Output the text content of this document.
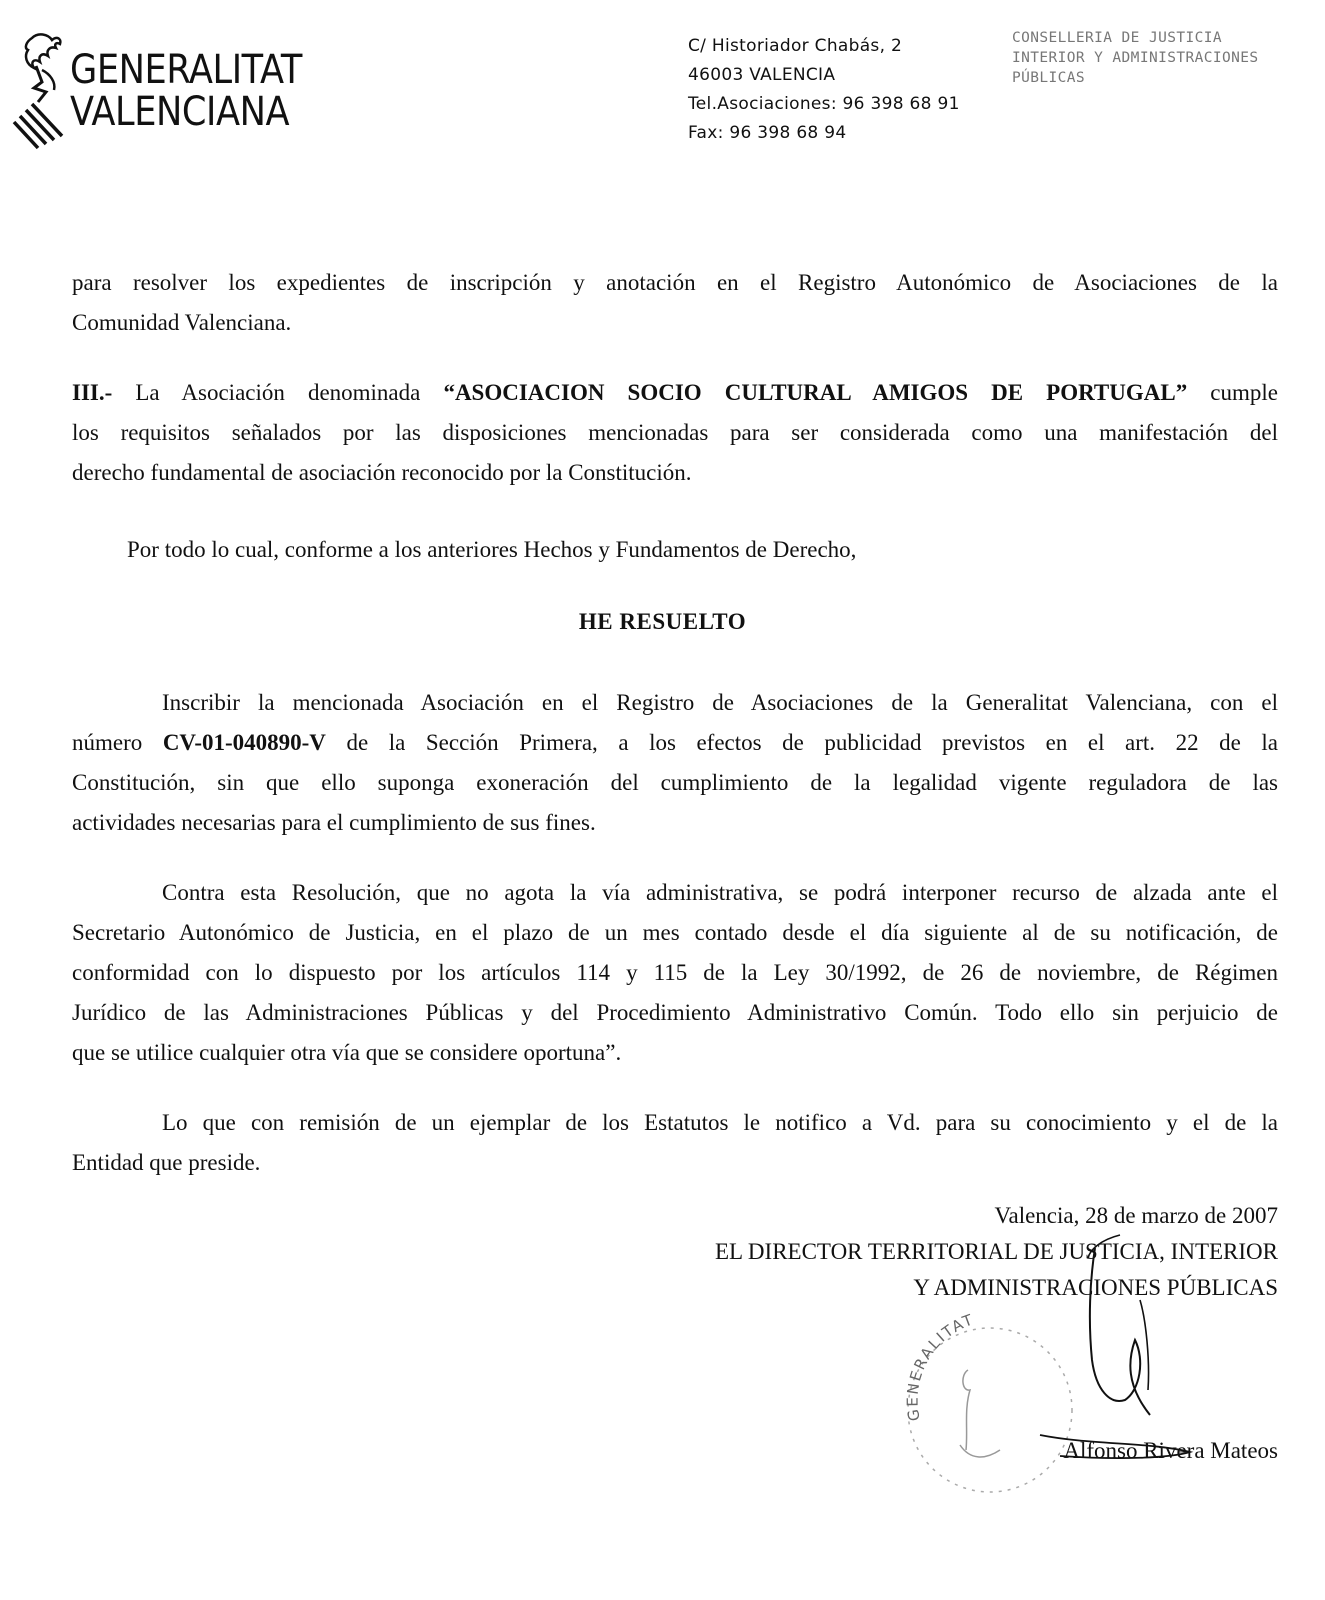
GENERALITAT
VALENCIANA
C/ Historiador Chabás, 2
46003 VALENCIA
Tel.Asociaciones: 96 398 68 91
Fax: 96 398 68 94
CONSELLERIA DE JUSTICIA
INTERIOR Y ADMINISTRACIONES
PÚBLICAS
para resolver los expedientes de inscripción y anotación en el Registro Autonómico de Asociaciones de la
Comunidad Valenciana.
III.- La Asociación denominada “ASOCIACION SOCIO CULTURAL AMIGOS DE PORTUGAL” cumple
los requisitos señalados por las disposiciones mencionadas para ser considerada como una manifestación del
derecho fundamental de asociación reconocido por la Constitución.
Por todo lo cual, conforme a los anteriores Hechos y Fundamentos de Derecho,
HE RESUELTO
Inscribir la mencionada Asociación en el Registro de Asociaciones de la Generalitat Valenciana, con el
número CV-01-040890-V de la Sección Primera, a los efectos de publicidad previstos en el art. 22 de la
Constitución, sin que ello suponga exoneración del cumplimiento de la legalidad vigente reguladora de las
actividades necesarias para el cumplimiento de sus fines.
Contra esta Resolución, que no agota la vía administrativa, se podrá interponer recurso de alzada ante el
Secretario Autonómico de Justicia, en el plazo de un mes contado desde el día siguiente al de su notificación, de
conformidad con lo dispuesto por los artículos 114 y 115 de la Ley 30/1992, de 26 de noviembre, de Régimen
Jurídico de las Administraciones Públicas y del Procedimiento Administrativo Común. Todo ello sin perjuicio de
que se utilice cualquier otra vía que se considere oportuna”.
Lo que con remisión de un ejemplar de los Estatutos le notifico a Vd. para su conocimiento y el de la
Entidad que preside.
Valencia, 28 de marzo de 2007
EL DIRECTOR TERRITORIAL DE JUSTICIA, INTERIOR
Y ADMINISTRACIONES PÚBLICAS
GENERALITAT
Alfonso Rivera Mateos
